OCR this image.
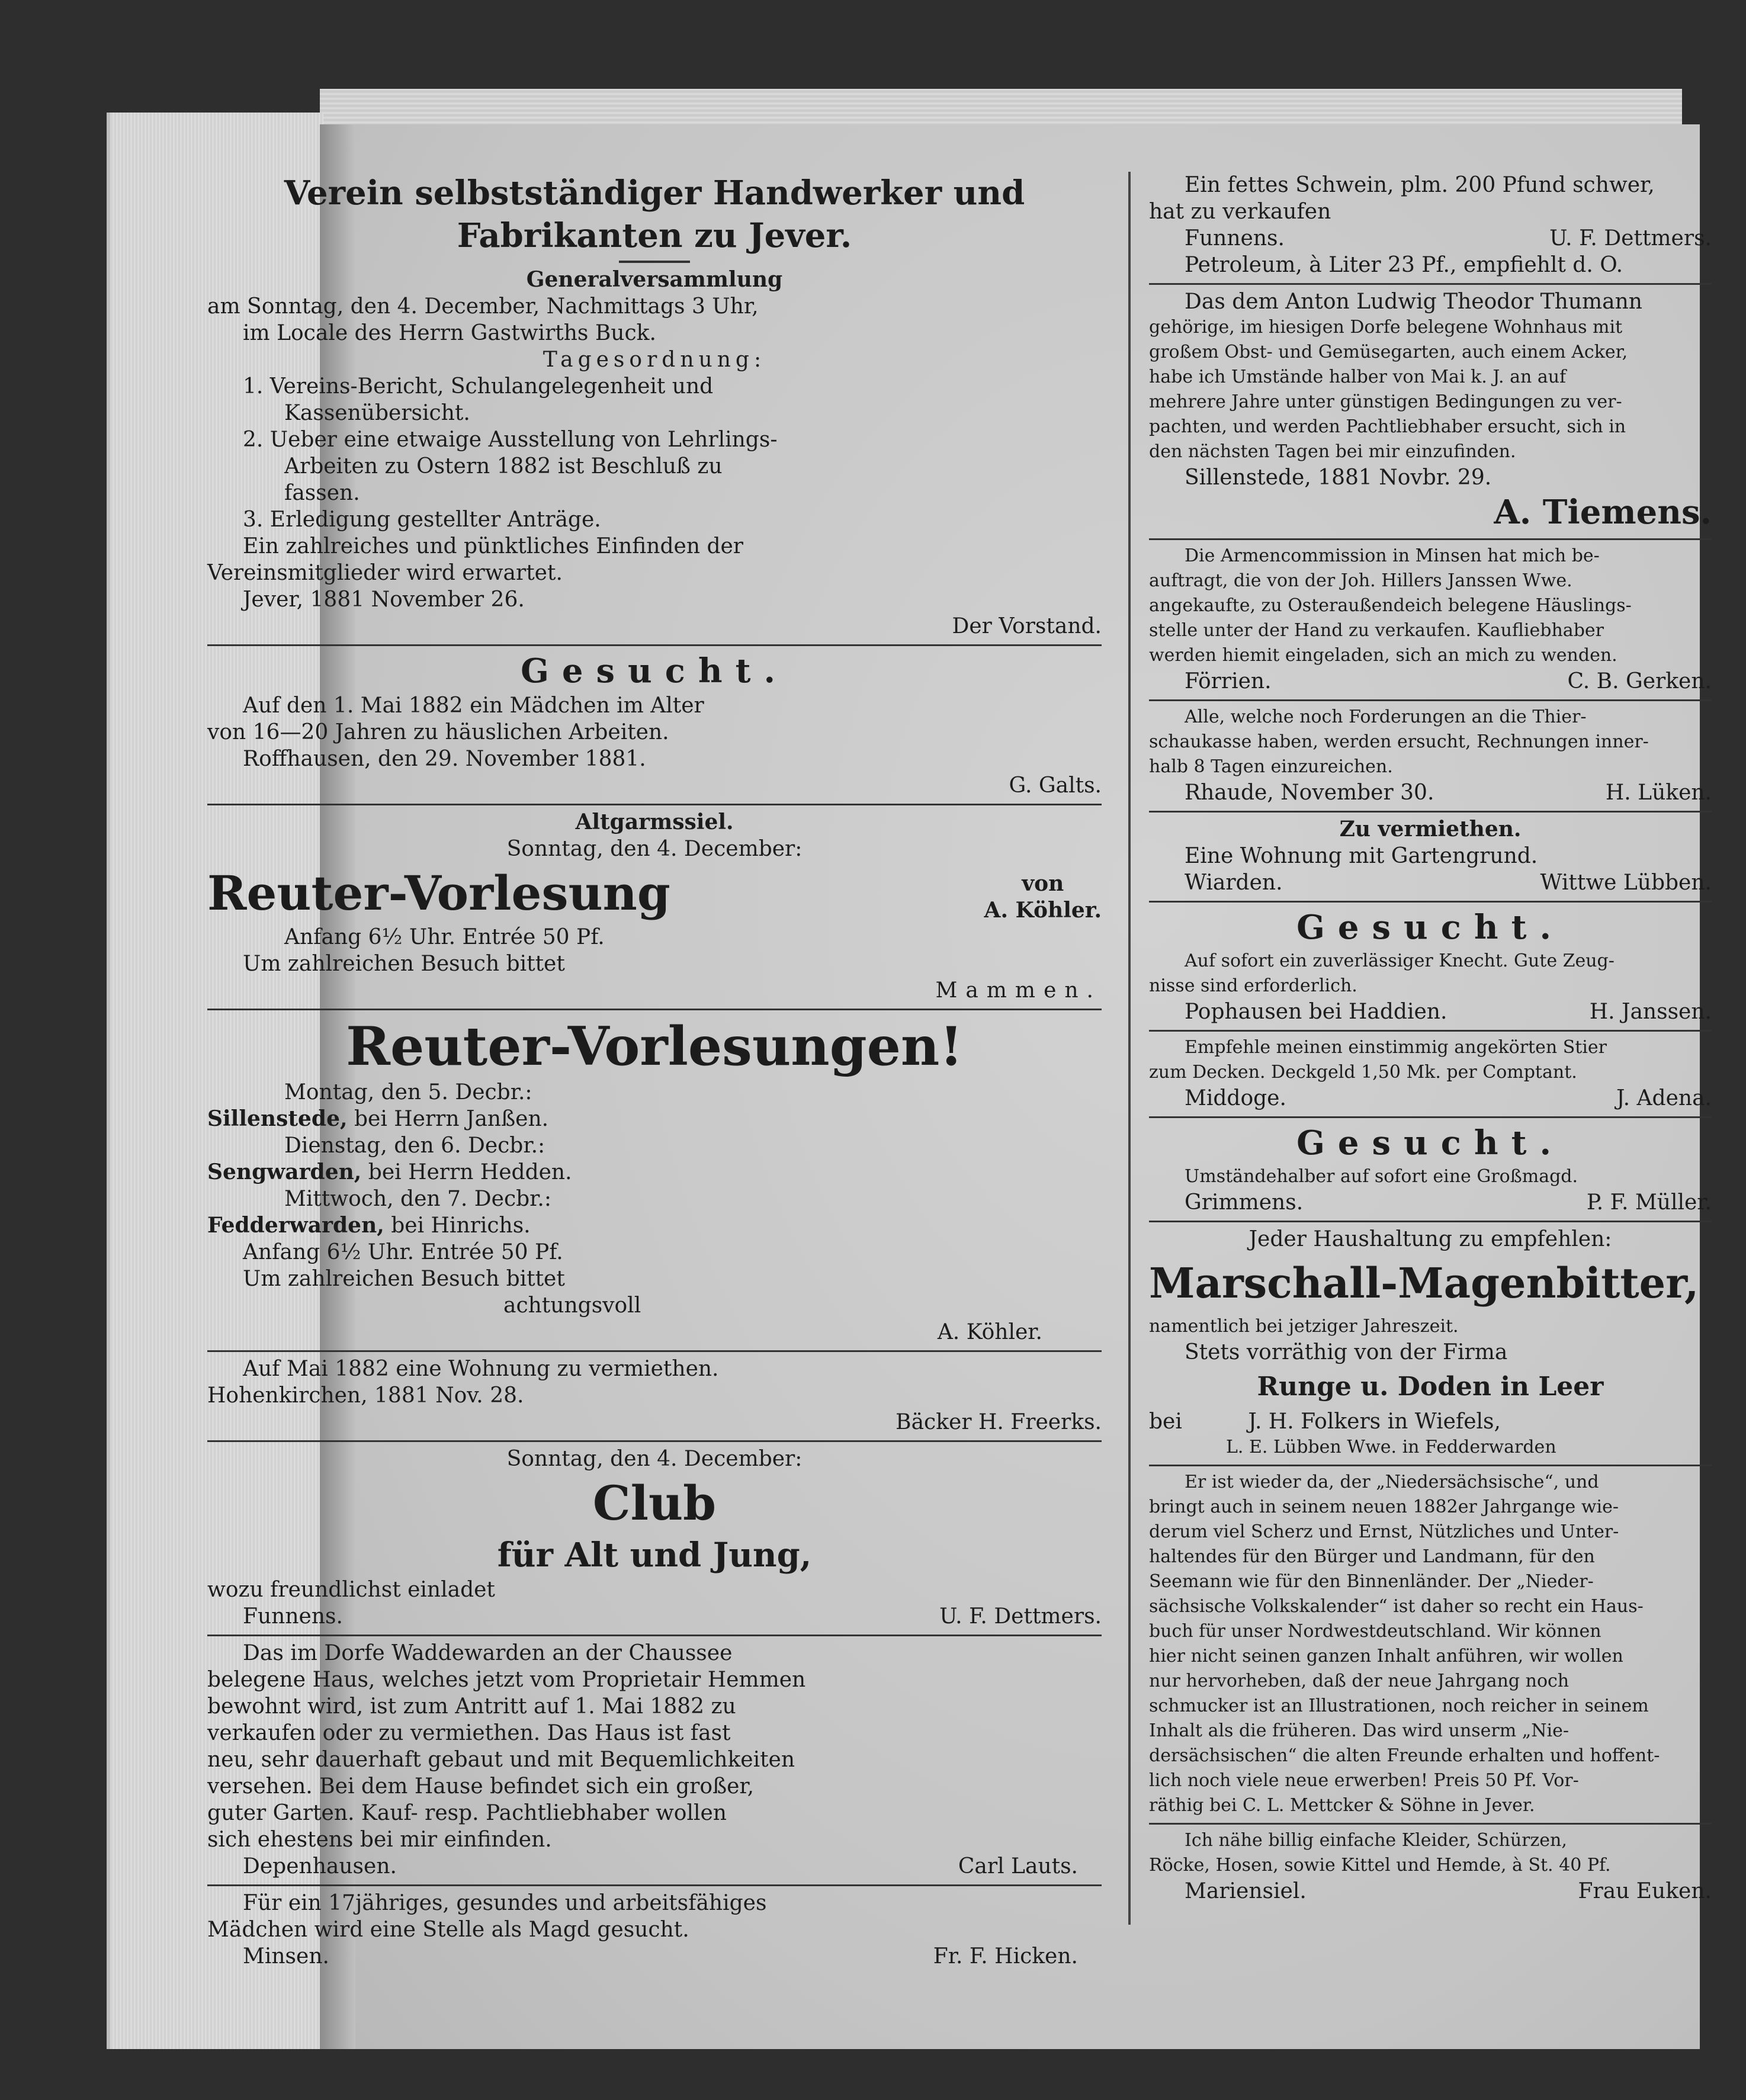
Verein selbstständiger Handwerker und
Fabrikanten zu Jever.
Generalversammlung
am Sonntag, den 4. December, Nachmittags 3 Uhr,
im Locale des Herrn Gastwirths Buck.
Tagesordnung:
1. Vereins-Bericht, Schulangelegenheit und
Kassenübersicht.
2. Ueber eine etwaige Ausstellung von Lehrlings-
Arbeiten zu Ostern 1882 ist Beschluß zu
fassen.
3. Erledigung gestellter Anträge.
Ein zahlreiches und pünktliches Einfinden der
Vereinsmitglieder wird erwartet.
Jever, 1881 November 26.
Der Vorstand.
Gesucht.
Auf den 1. Mai 1882 ein Mädchen im Alter
von 16—20 Jahren zu häuslichen Arbeiten.
Roffhausen, den 29. November 1881.
G. Galts.
Altgarmssiel.
Sonntag, den 4. December:
Reuter-Vorlesung	von
A. Köhler.
Anfang 6½ Uhr. Entrée 50 Pf.
Um zahlreichen Besuch bittet
Mammen.
Reuter-Vorlesungen!
Montag, den 5. Decbr.:
Sillenstede, bei Herrn Janßen.
Dienstag, den 6. Decbr.:
Sengwarden, bei Herrn Hedden.
Mittwoch, den 7. Decbr.:
Fedderwarden, bei Hinrichs.
Anfang 6½ Uhr. Entrée 50 Pf.
Um zahlreichen Besuch bittet
achtungsvoll
A. Köhler.
Auf Mai 1882 eine Wohnung zu vermiethen.
Hohenkirchen, 1881 Nov. 28.
Bäcker H. Freerks.
Sonntag, den 4. December:
Club
für Alt und Jung,
wozu freundlichst einladet
Funnens.	U. F. Dettmers.
Das im Dorfe Waddewarden an der Chaussee
belegene Haus, welches jetzt vom Proprietair Hemmen
bewohnt wird, ist zum Antritt auf 1. Mai 1882 zu
verkaufen oder zu vermiethen. Das Haus ist fast
neu, sehr dauerhaft gebaut und mit Bequemlichkeiten
versehen. Bei dem Hause befindet sich ein großer,
guter Garten. Kauf- resp. Pachtliebhaber wollen
sich ehestens bei mir einfinden.
Depenhausen.	Carl Lauts.
Für ein 17jähriges, gesundes und arbeitsfähiges
Mädchen wird eine Stelle als Magd gesucht.
Minsen.	Fr. F. Hicken.
Ein fettes Schwein, plm. 200 Pfund schwer,
hat zu verkaufen
Funnens.	U. F. Dettmers.
Petroleum, à Liter 23 Pf., empfiehlt d. O.
Das dem Anton Ludwig Theodor Thumann
gehörige, im hiesigen Dorfe belegene Wohnhaus mit
großem Obst- und Gemüsegarten, auch einem Acker,
habe ich Umstände halber von Mai k. J. an auf
mehrere Jahre unter günstigen Bedingungen zu ver-
pachten, und werden Pachtliebhaber ersucht, sich in
den nächsten Tagen bei mir einzufinden.
Sillenstede, 1881 Novbr. 29.
A. Tiemens.
Die Armencommission in Minsen hat mich be-
auftragt, die von der Joh. Hillers Janssen Wwe.
angekaufte, zu Osteraußendeich belegene Häuslings-
stelle unter der Hand zu verkaufen. Kaufliebhaber
werden hiemit eingeladen, sich an mich zu wenden.
Förrien.	C. B. Gerken.
Alle, welche noch Forderungen an die Thier-
schaukasse haben, werden ersucht, Rechnungen inner-
halb 8 Tagen einzureichen.
Rhaude, November 30.	H. Lüken.
Zu vermiethen.
Eine Wohnung mit Gartengrund.
Wiarden.	Wittwe Lübben.
Gesucht.
Auf sofort ein zuverlässiger Knecht. Gute Zeug-
nisse sind erforderlich.
Pophausen bei Haddien.	H. Janssen.
Empfehle meinen einstimmig angekörten Stier
zum Decken. Deckgeld 1,50 Mk. per Comptant.
Middoge.	J. Adena.
Gesucht.
Umständehalber auf sofort eine Großmagd.
Grimmens.	P. F. Müller.
Jeder Haushaltung zu empfehlen:
Marschall-Magenbitter,
namentlich bei jetziger Jahreszeit.
Stets vorräthig von der Firma
Runge u. Doden in Leer
bei	J. H. Folkers in Wiefels,
L. E. Lübben Wwe. in Fedderwarden
Er ist wieder da, der „Niedersächsische“, und
bringt auch in seinem neuen 1882er Jahrgange wie-
derum viel Scherz und Ernst, Nützliches und Unter-
haltendes für den Bürger und Landmann, für den
Seemann wie für den Binnenländer. Der „Nieder-
sächsische Volkskalender“ ist daher so recht ein Haus-
buch für unser Nordwestdeutschland. Wir können
hier nicht seinen ganzen Inhalt anführen, wir wollen
nur hervorheben, daß der neue Jahrgang noch
schmucker ist an Illustrationen, noch reicher in seinem
Inhalt als die früheren. Das wird unserm „Nie-
dersächsischen“ die alten Freunde erhalten und hoffent-
lich noch viele neue erwerben! Preis 50 Pf. Vor-
räthig bei C. L. Mettcker & Söhne in Jever.
Ich nähe billig einfache Kleider, Schürzen,
Röcke, Hosen, sowie Kittel und Hemde, à St. 40 Pf.
Mariensiel.	Frau Euken.
